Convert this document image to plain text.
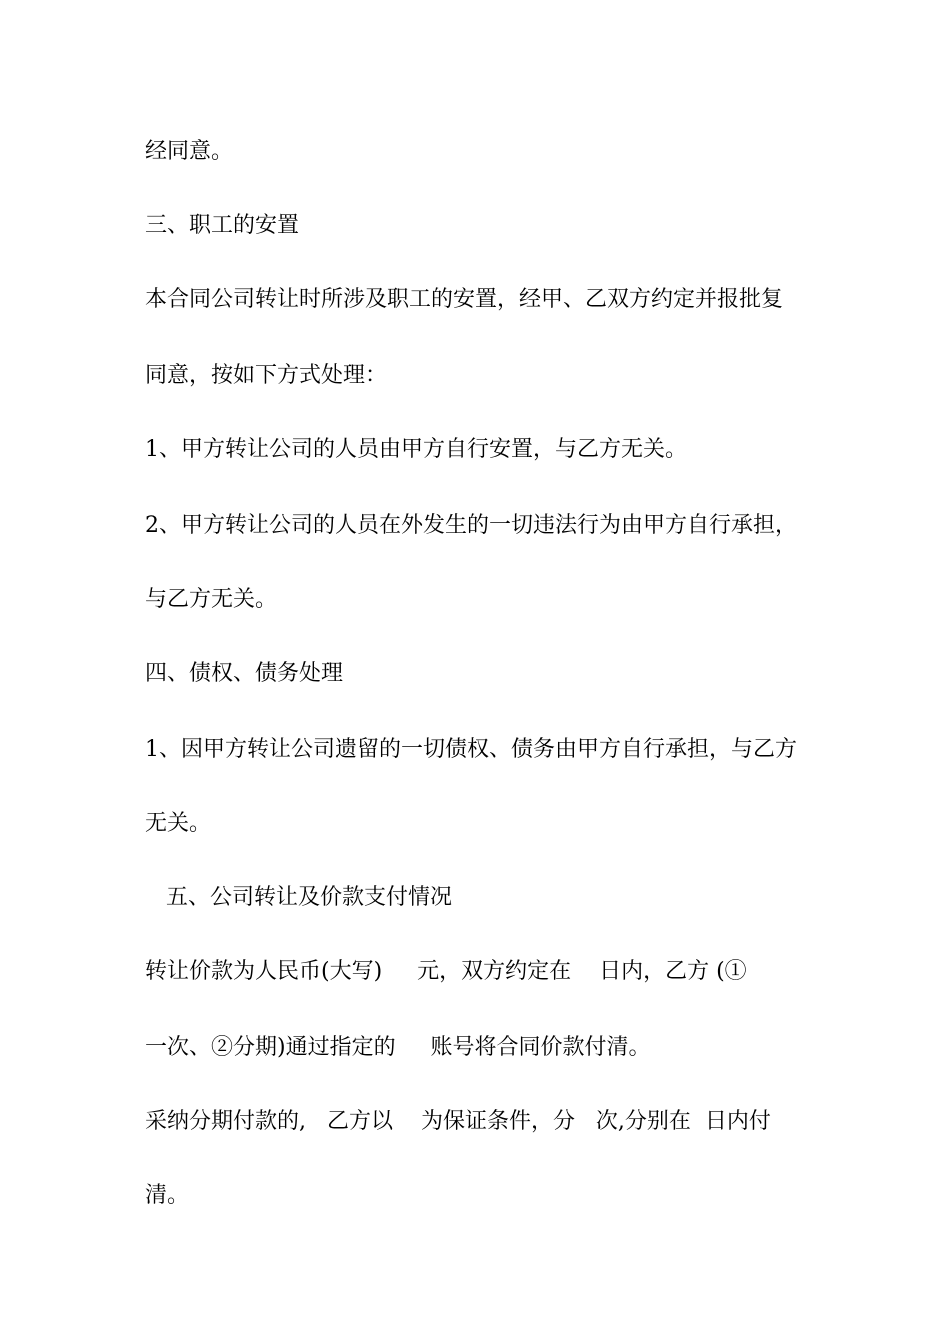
经同意。
三、职工的安置
本合同公司转让时所涉及职工的安置，经甲、乙双方约定并报批复
同意，按如下方式处理：
1、甲方转让公司的人员由甲方自行安置，与乙方无关。
2、甲方转让公司的人员在外发生的一切违法行为由甲方自行承担，
与乙方无关。
四、债权、债务处理
1、因甲方转让公司遗留的一切债权、债务由甲方自行承担，与乙方
无关。
五、公司转让及价款支付情况
转让价款为人民币(大写)     元，双方约定在    日内，乙方 (①
一次、②分期)通过指定的     账号将合同价款付清。
采纳分期付款的,   乙方以    为保证条件，分   次,分别在  日内付
清。
